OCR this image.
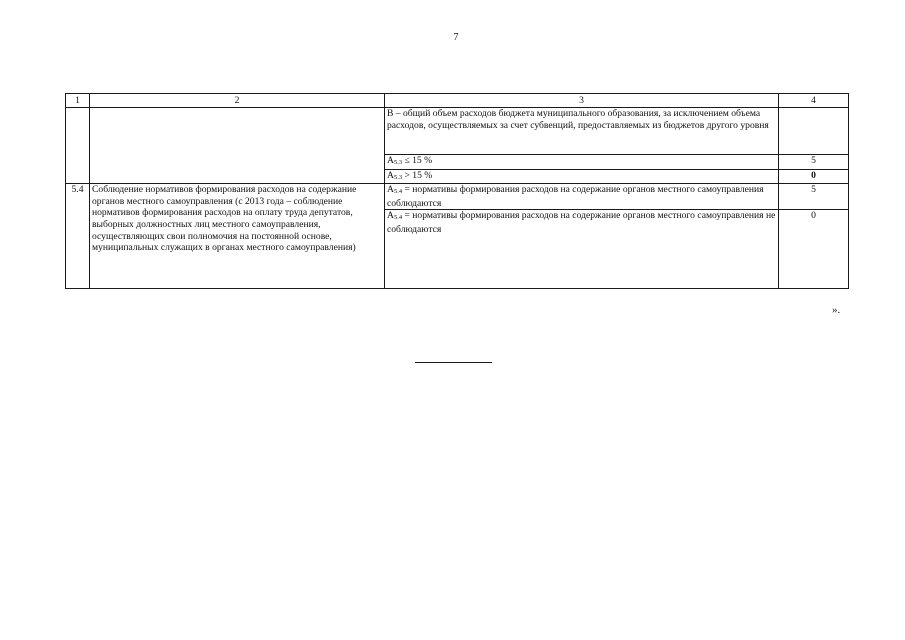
7
1	2	3	4
		В – общий объем расходов бюджета муниципального образования, за исключением объема расходов, осуществляемых за счет субвенций, предоставляемых из бюджетов другого уровня	
		А5.3 ≤ 15 %	5
		А5.3 > 15 %	0
5.4	Соблюдение нормативов формирования расходов на содержание органов местного самоуправления (с 2013 года – соблюдение нормативов формирования расходов на оплату труда депутатов, выборных должностных лиц местного самоуправления, осуществляющих свои полномочия на постоянной основе, муниципальных служащих в органах местного самоуправления)	А5.4 = нормативы формирования расходов на содержание органов местного самоуправления соблюдаются	5
		А5.4 = нормативы формирования расходов на содержание органов местного самоуправления не соблюдаются	0
».
